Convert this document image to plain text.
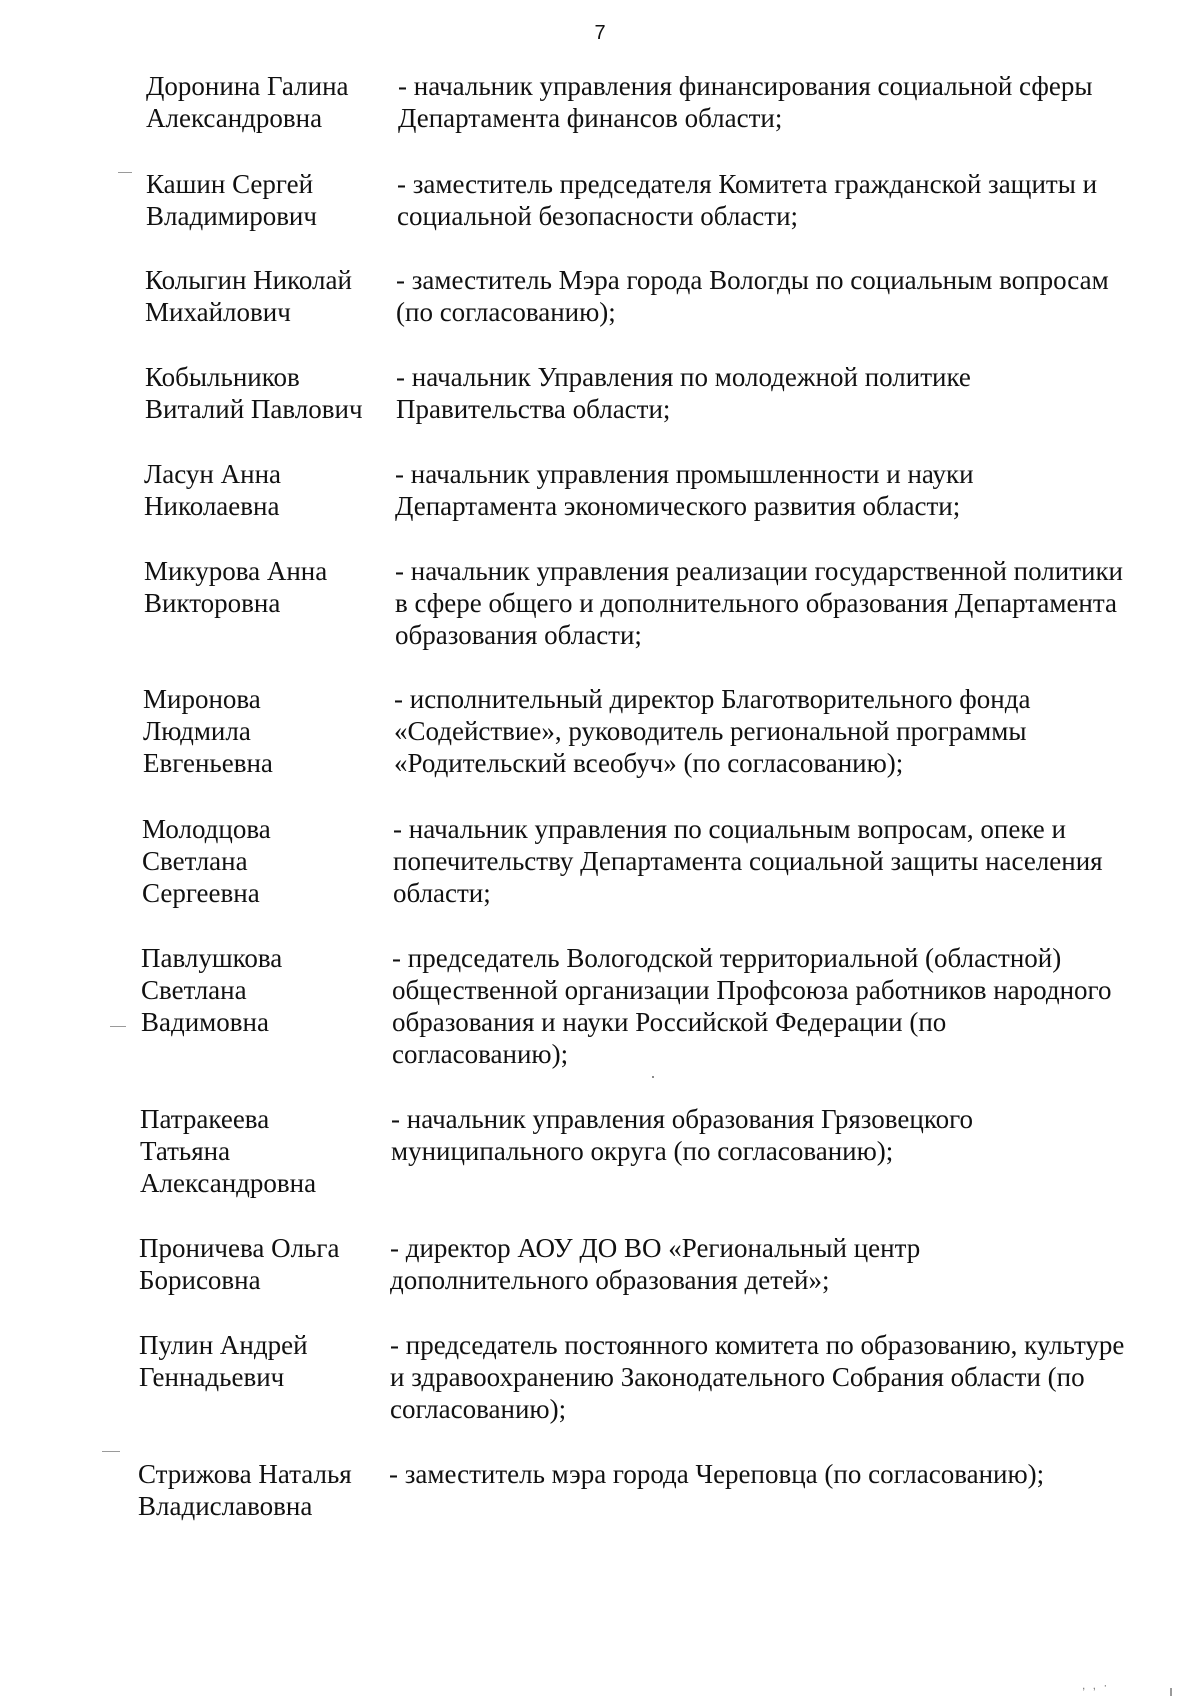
7
Доронина Галина
Александровна
- начальник управления финансирования социальной сферы Департамента финансов области;
Кашин Сергей
Владимирович
- заместитель председателя Комитета гражданской защиты и социальной безопасности области;
Колыгин Николай
Михайлович
- заместитель Мэра города Вологды по социальным вопросам (по согласованию);
Кобыльников
Виталий Павлович
- начальник Управления по молодежной политике Правительства области;
Ласун Анна
Николаевна
- начальник управления промышленности и науки Департамента экономического развития области;
Микурова Анна
Викторовна
- начальник управления реализации государственной политики в сфере общего и дополнительного образования Департамента образования области;
Миронова
Людмила
Евгеньевна
- исполнительный директор Благотворительного фонда «Содействие», руководитель региональной программы «Родительский всеобуч» (по согласованию);
Молодцова
Светлана
Сергеевна
- начальник управления по социальным вопросам, опеке и попечительству Департамента социальной защиты населения области;
Павлушкова
Светлана
Вадимовна
- председатель Вологодской территориальной (областной) общественной организации Профсоюза работников народного образования и науки Российской Федерации (по согласованию);
Патракеева
Татьяна
Александровна
- начальник управления образования Грязовецкого муниципального округа (по согласованию);
Проничева Ольга
Борисовна
- директор АОУ ДО ВО «Региональный центр дополнительного образования детей»;
Пулин Андрей
Геннадьевич
- председатель постоянного комитета по образованию, культуре и здравоохранению Законодательного Собрания области (по согласованию);
Стрижова Наталья
Владиславовна
- заместитель мэра города Череповца (по согласованию);
, , ·
